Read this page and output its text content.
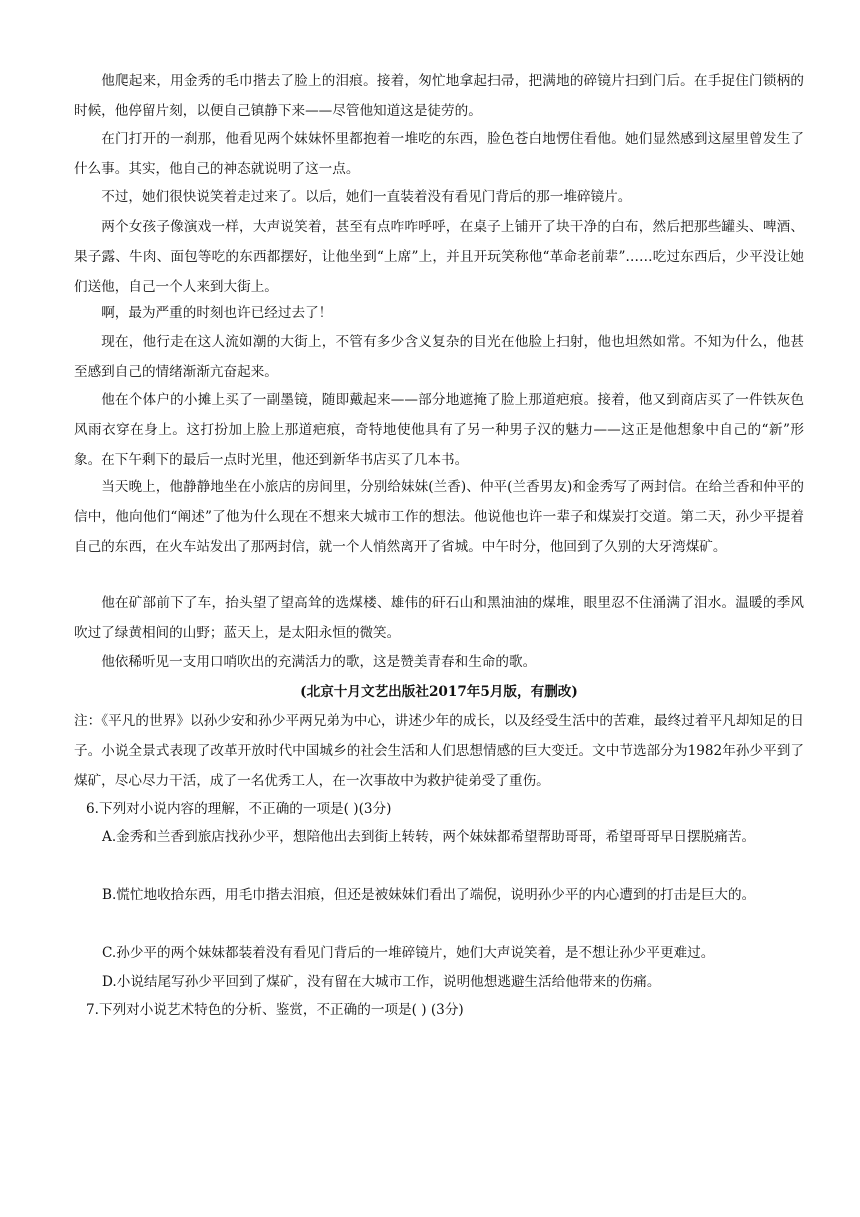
他爬起来，用金秀的毛巾揩去了脸上的泪痕。接着，匆忙地拿起扫帚，把满地的碎镜片扫到门后。在手捉住门锁柄的时候，他停留片刻，以便自己镇静下来——尽管他知道这是徒劳的。

在门打开的一刹那，他看见两个妹妹怀里都抱着一堆吃的东西，脸色苍白地愣住看他。她们显然感到这屋里曾发生了什么事。其实，他自己的神态就说明了这一点。

不过，她们很快说笑着走过来了。以后，她们一直装着没有看见门背后的那一堆碎镜片。

两个女孩子像演戏一样，大声说笑着，甚至有点咋咋呼呼，在桌子上铺开了块干净的白布，然后把那些罐头、啤酒、果子露、牛肉、面包等吃的东西都摆好，让他坐到“上席”上，并且开玩笑称他“革命老前辈”……吃过东西后，少平没让她们送他，自己一个人来到大街上。

啊，最为严重的时刻也许已经过去了！

现在，他行走在这人流如潮的大街上，不管有多少含义复杂的目光在他脸上扫射，他也坦然如常。不知为什么，他甚至感到自己的情绪渐渐亢奋起来。

他在个体户的小摊上买了一副墨镜，随即戴起来——部分地遮掩了脸上那道疤痕。接着，他又到商店买了一件铁灰色风雨衣穿在身上。这打扮加上脸上那道疤痕，奇特地使他具有了另一种男子汉的魅力——这正是他想象中自己的“新”形象。在下午剩下的最后一点时光里，他还到新华书店买了几本书。

当天晚上，他静静地坐在小旅店的房间里，分别给妹妹(兰香)、仲平(兰香男友)和金秀写了两封信。在给兰香和仲平的信中，他向他们“阐述”了他为什么现在不想来大城市工作的想法。他说他也许一辈子和煤炭打交道。第二天，孙少平提着自己的东西，在火车站发出了那两封信，就一个人悄然离开了省城。中午时分，他回到了久别的大牙湾煤矿。

他在矿部前下了车，抬头望了望高耸的选煤楼、雄伟的矸石山和黑油油的煤堆，眼里忍不住涌满了泪水。温暖的季风吹过了绿黄相间的山野；蓝天上，是太阳永恒的微笑。

他依稀听见一支用口哨吹出的充满活力的歌，这是赞美青春和生命的歌。

(北京十月文艺出版社2017年5月版，有删改)

注：《平凡的世界》以孙少安和孙少平两兄弟为中心，讲述少年的成长，以及经受生活中的苦难，最终过着平凡却知足的日子。小说全景式表现了改革开放时代中国城乡的社会生活和人们思想情感的巨大变迁。文中节选部分为1982年孙少平到了煤矿，尽心尽力干活，成了一名优秀工人，在一次事故中为救护徒弟受了重伤。

6.下列对小说内容的理解，不正确的一项是( )(3分)

A.金秀和兰香到旅店找孙少平，想陪他出去到街上转转，两个妹妹都希望帮助哥哥，希望哥哥早日摆脱痛苦。

B.慌忙地收拾东西，用毛巾揩去泪痕，但还是被妹妹们看出了端倪，说明孙少平的内心遭到的打击是巨大的。

C.孙少平的两个妹妹都装着没有看见门背后的一堆碎镜片，她们大声说笑着，是不想让孙少平更难过。

D.小说结尾写孙少平回到了煤矿，没有留在大城市工作，说明他想逃避生活给他带来的伤痛。

7.下列对小说艺术特色的分析、鉴赏，不正确的一项是( ) (3分)
